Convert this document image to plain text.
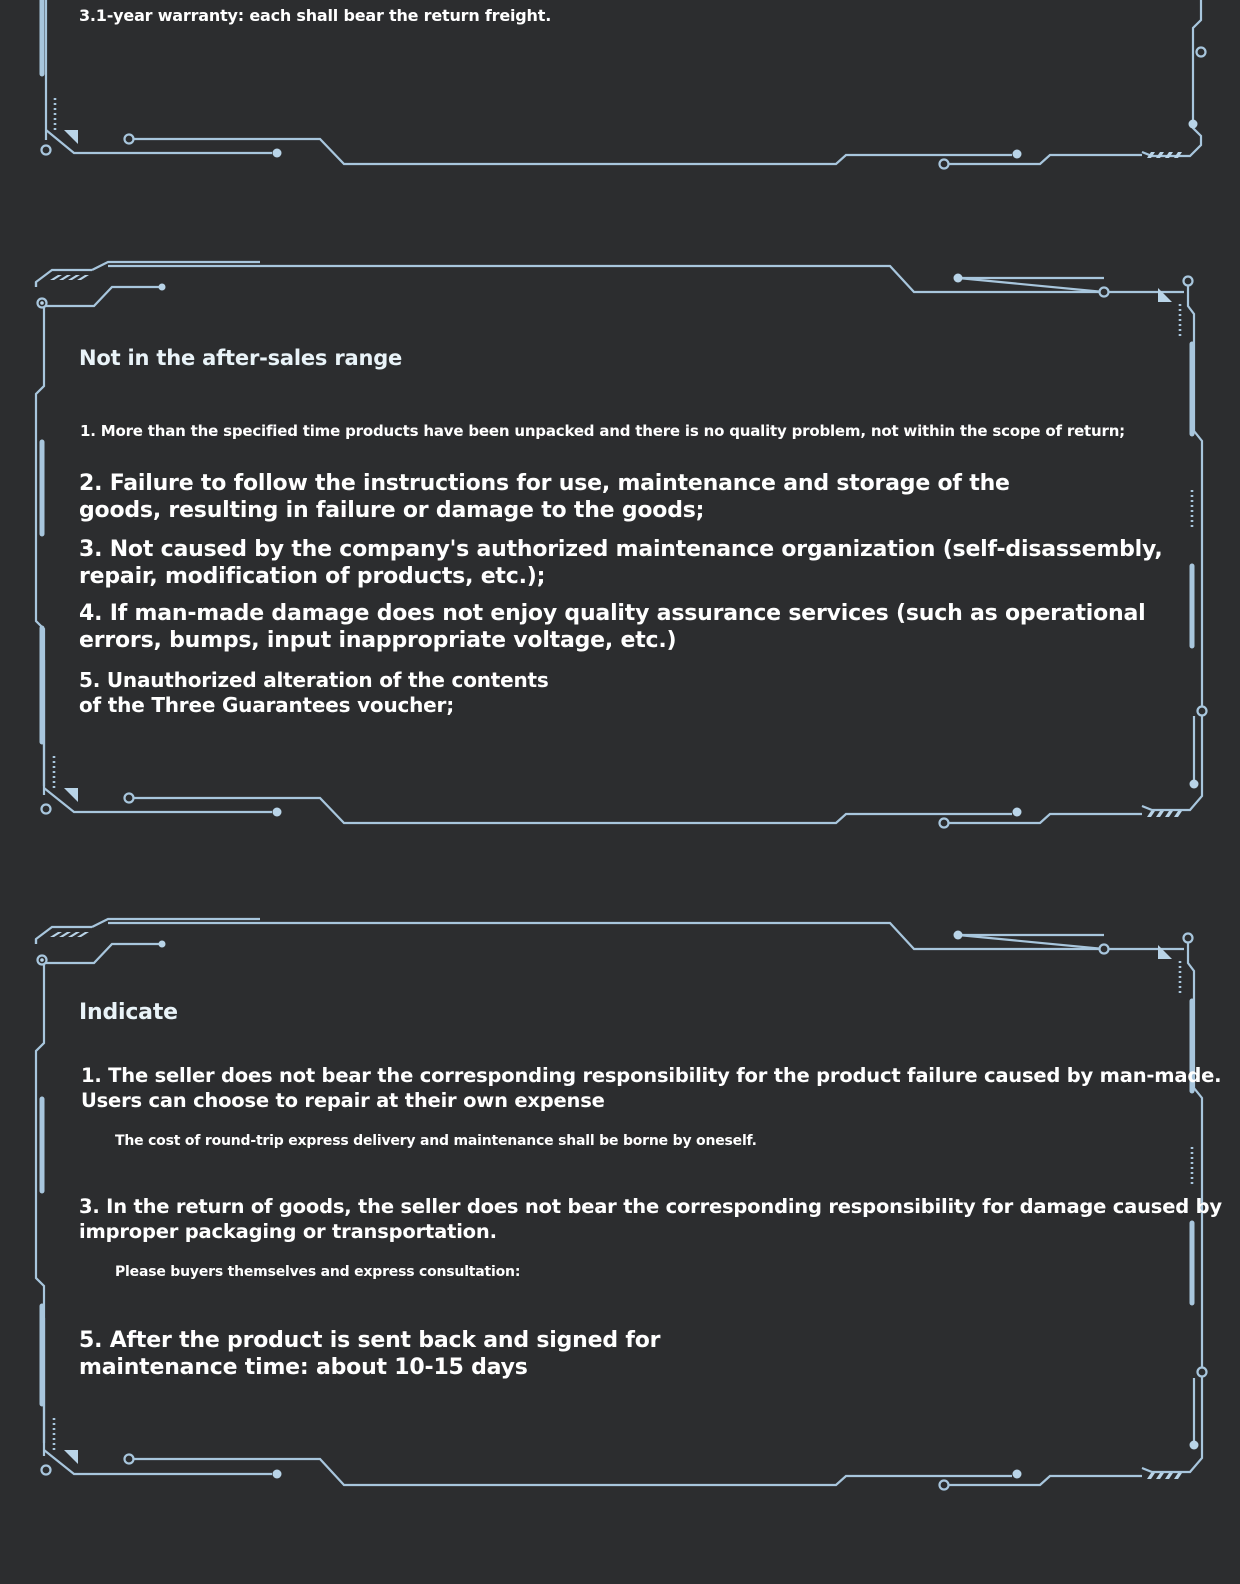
3.1-year warranty: each shall bear the return freight.

Not in the after-sales range

1. More than the specified time products have been unpacked and there is no quality problem, not within the scope of return;

2. Failure to follow the instructions for use, maintenance and storage of the

goods, resulting in failure or damage to the goods;

3. Not caused by the company's authorized maintenance organization (self-disassembly,

repair, modification of products, etc.);

4. If man-made damage does not enjoy quality assurance services (such as operational

errors, bumps, input inappropriate voltage, etc.)

5. Unauthorized alteration of the contents

of the Three Guarantees voucher;

Indicate

1. The seller does not bear the corresponding responsibility for the product failure caused by man-made.

Users can choose to repair at their own expense

The cost of round-trip express delivery and maintenance shall be borne by oneself.

3. In the return of goods, the seller does not bear the corresponding responsibility for damage caused by

improper packaging or transportation.

Please buyers themselves and express consultation:

5. After the product is sent back and signed for

maintenance time: about 10-15 days
